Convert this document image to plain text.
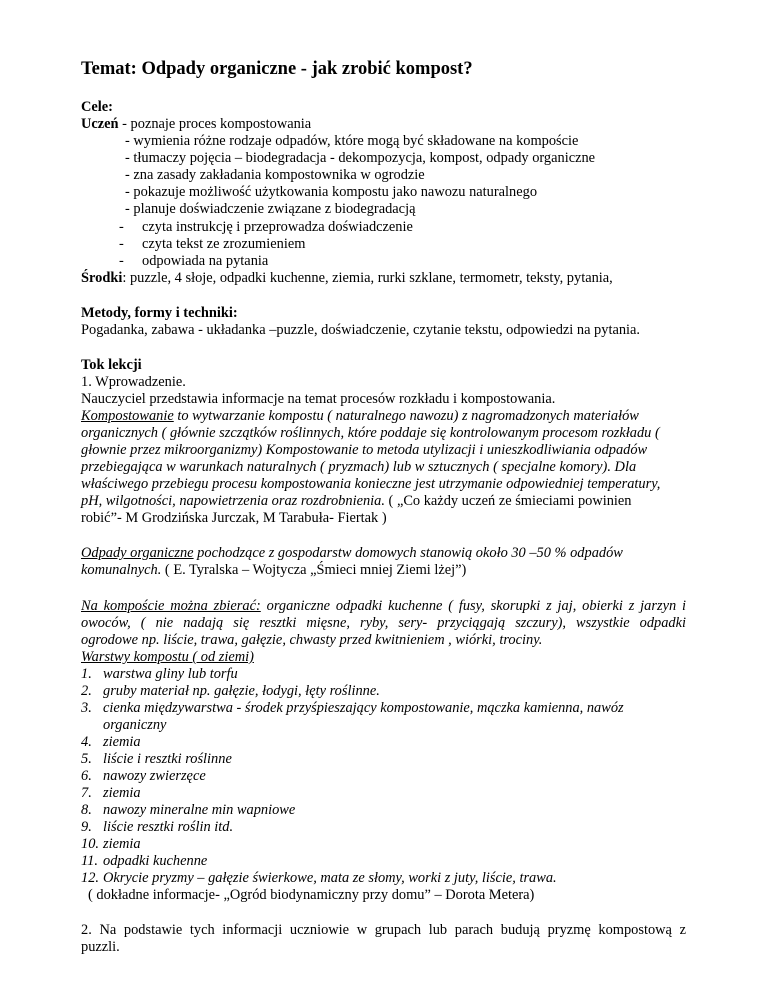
Temat: Odpady organiczne - jak zrobić kompost?
Cele:
Uczeń - poznaje proces kompostowania
- wymienia różne rodzaje odpadów, które mogą być składowane na kompoście
- tłumaczy pojęcia – biodegradacja - dekompozycja, kompost, odpady organiczne
- zna zasady zakładania kompostownika w ogrodzie
- pokazuje możliwość użytkowania kompostu jako nawozu naturalnego
- planuje doświadczenie związane z biodegradacją
- czyta instrukcję i przeprowadza doświadczenie
- czyta tekst ze zrozumieniem
- odpowiada na pytania
Środki: puzzle, 4 słoje, odpadki kuchenne, ziemia, rurki szklane, termometr, teksty, pytania,
Metody, formy i techniki:
Pogadanka, zabawa - układanka –puzzle, doświadczenie, czytanie tekstu, odpowiedzi na pytania.
Tok lekcji
1. Wprowadzenie.
Nauczyciel przedstawia informacje na temat procesów rozkładu i kompostowania.
Kompostowanie to wytwarzanie kompostu ( naturalnego nawozu) z nagromadzonych materiałów
organicznych ( głównie szczątków roślinnych, które poddaje się kontrolowanym procesom rozkładu (
głownie przez mikroorganizmy) Kompostowanie to metoda utylizacji i unieszkodliwiania odpadów
przebiegająca w warunkach naturalnych ( pryzmach) lub w sztucznych ( specjalne komory). Dla
właściwego przebiegu procesu kompostowania konieczne jest utrzymanie odpowiedniej temperatury,
pH, wilgotności, napowietrzenia oraz rozdrobnienia. ( „Co każdy uczeń ze śmieciami powinien
robić”- M Grodzińska Jurczak, M Tarabuła- Fiertak )
Odpady organiczne pochodzące z gospodarstw domowych stanowią około 30 –50 % odpadów
komunalnych. ( E. Tyralska – Wojtycza „Śmieci mniej Ziemi lżej”)
Na kompoście można zbierać: organiczne odpadki kuchenne ( fusy, skorupki z jaj, obierki z jarzyn i
owoców, ( nie nadają się resztki mięsne, ryby, sery- przyciągają szczury), wszystkie odpadki
ogrodowe np. liście, trawa, gałęzie, chwasty przed kwitnieniem , wiórki, trociny.
Warstwy kompostu ( od ziemi)
1. warstwa gliny lub torfu
2. gruby materiał np. gałęzie, łodygi, łęty roślinne.
3. cienka międzywarstwa - środek przyśpieszający kompostowanie, mączka kamienna, nawóz
organiczny
4. ziemia
5. liście i resztki roślinne
6. nawozy zwierzęce
7. ziemia
8. nawozy mineralne min wapniowe
9. liście resztki roślin itd.
10. ziemia
11. odpadki kuchenne
12. Okrycie pryzmy – gałęzie świerkowe, mata ze słomy, worki z juty, liście, trawa.
( dokładne informacje- „Ogród biodynamiczny przy domu” – Dorota Metera)
2. Na podstawie tych informacji uczniowie w grupach lub parach budują pryzmę kompostową z
puzzli.
